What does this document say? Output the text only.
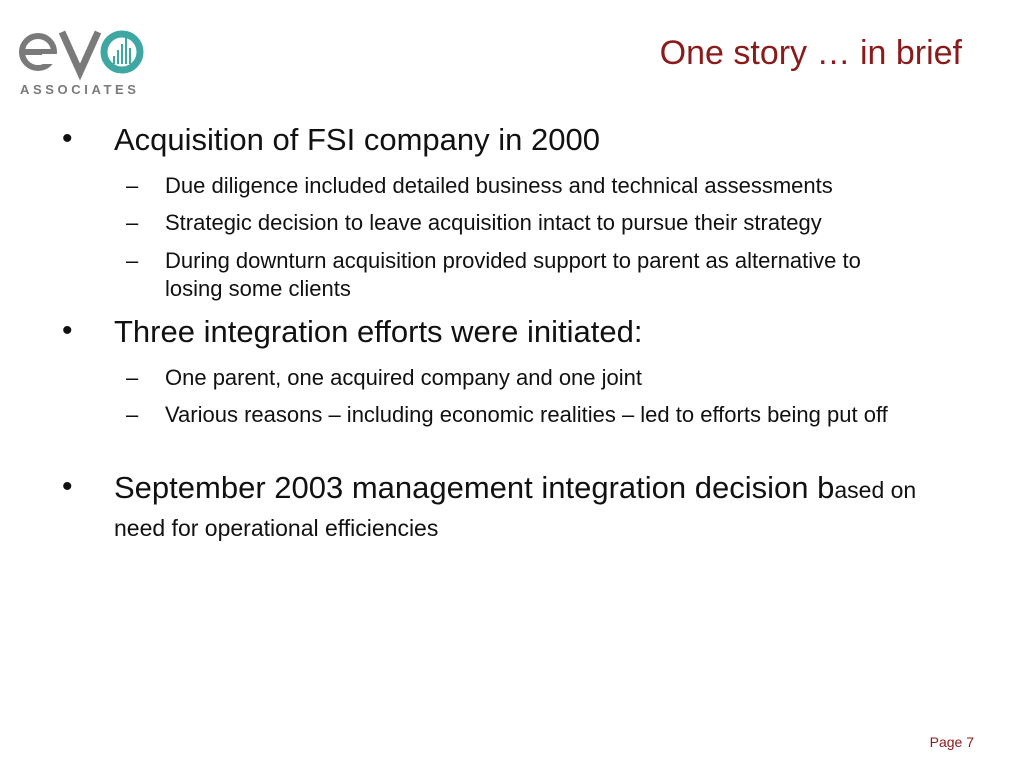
ASSOCIATES
One story … in brief
• Acquisition of FSI company in 2000
– Due diligence included detailed business and technical assessments
– Strategic decision to leave acquisition intact to pursue their strategy
– During downturn acquisition provided support to parent as alternative to losing some clients
• Three integration efforts were initiated:
– One parent, one acquired company and one joint
– Various reasons – including economic realities – led to efforts being put off
• September 2003 management integration decision based on need for operational efficiencies
Page 7
